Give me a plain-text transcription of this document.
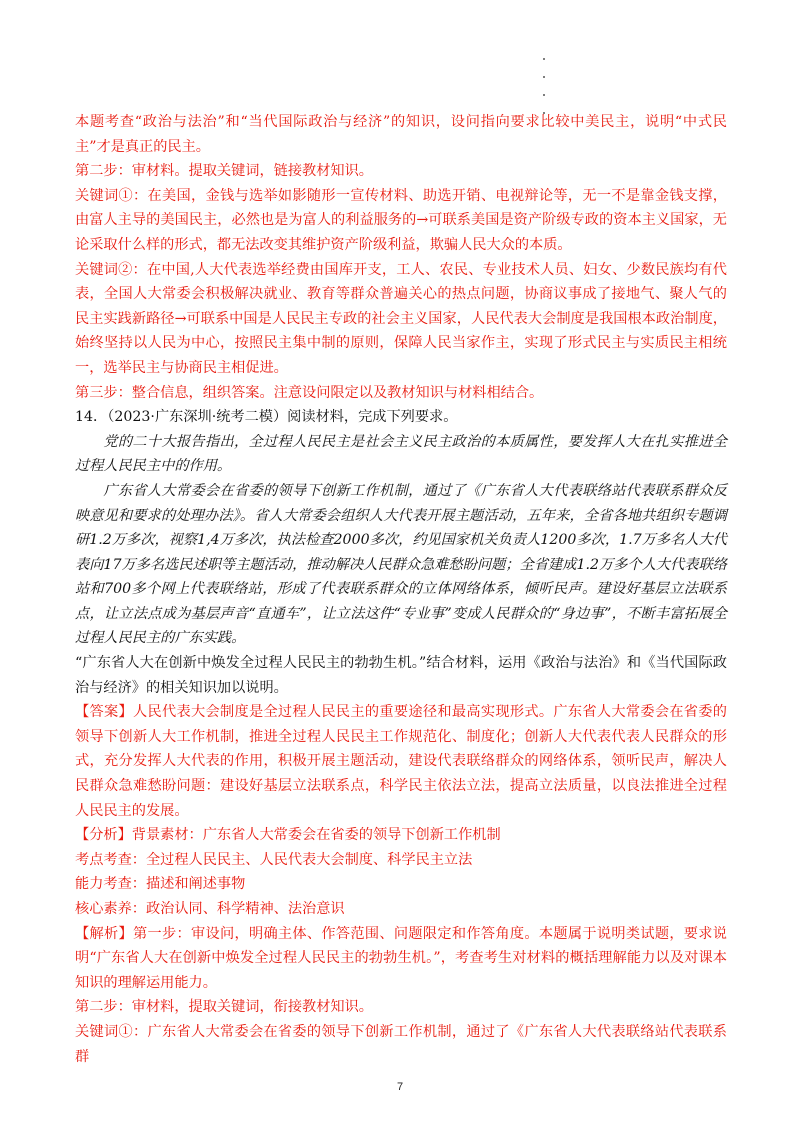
本题考查“政治与法治”和“当代国际政治与经济”的知识，设问指向要求比较中美民主，说明“中式民主”才是真正的民主。

第二步：审材料。提取关键词，链接教材知识。

关键词①：在美国，金钱与选举如影随形一宣传材料、助选开销、电视辩论等，无一不是靠金钱支撑，由富人主导的美国民主，必然也是为富人的利益服务的→可联系美国是资产阶级专政的资本主义国家，无论采取什么样的形式，都无法改变其维护资产阶级利益，欺骗人民大众的本质。

关键词②：在中国,人大代表选举经费由国库开支，工人、农民、专业技术人员、妇女、少数民族均有代表，全国人大常委会积极解决就业、教育等群众普遍关心的热点问题，协商议事成了接地气、聚人气的民主实践新路径→可联系中国是人民民主专政的社会主义国家，人民代表大会制度是我国根本政治制度，始终坚持以人民为中心，按照民主集中制的原则，保障人民当家作主，实现了形式民主与实质民主相统一，选举民主与协商民主相促进。

第三步：整合信息，组织答案。注意设问限定以及教材知识与材料相结合。

14．（2023·广东深圳·统考二模）阅读材料，完成下列要求。

党的二十大报告指出，全过程人民民主是社会主义民主政治的本质属性，要发挥人大在扎实推进全过程人民民主中的作用。

广东省人大常委会在省委的领导下创新工作机制，通过了《广东省人大代表联络站代表联系群众反映意见和要求的处理办法》。省人大常委会组织人大代表开展主题活动，五年来，全省各地共组织专题调研1.2万多次，视察1,4万多次，执法检查2000多次，约见国家机关负责人1200多次，1.7万多名人大代表向17万多名选民述职等主题活动，推动解决人民群众急难愁盼问题；全省建成1.2万多个人大代表联络站和700多个网上代表联络站，形成了代表联系群众的立体网络体系，倾听民声。建设好基层立法联系点，让立法点成为基层声音“直通车”，让立法这件“专业事”变成人民群众的“身边事”，不断丰富拓展全过程人民民主的广东实践。

“广东省人大在创新中焕发全过程人民民主的勃勃生机。”结合材料，运用《政治与法治》和《当代国际政治与经济》的相关知识加以说明。

【答案】人民代表大会制度是全过程人民民主的重要途径和最高实现形式。广东省人大常委会在省委的领导下创新人大工作机制，推进全过程人民民主工作规范化、制度化；创新人大代表代表人民群众的形式，充分发挥人大代表的作用，积极开展主题活动，建设代表联络群众的网络体系，领听民声，解决人民群众急难愁盼问题：建设好基层立法联系点，科学民主依法立法，提高立法质量，以良法推进全过程人民民主的发展。

【分析】背景素材：广东省人大常委会在省委的领导下创新工作机制

考点考查：全过程人民民主、人民代表大会制度、科学民主立法

能力考查：描述和阐述事物

核心素养：政治认同、科学精神、法治意识

【解析】第一步：审设问，明确主体、作答范围、问题限定和作答角度。本题属于说明类试题，要求说明“广东省人大在创新中焕发全过程人民民主的勃勃生机。”，考查考生对材料的概括理解能力以及对课本知识的理解运用能力。

第二步：审材料，提取关键词，衔接教材知识。

关键词①：广东省人大常委会在省委的领导下创新工作机制，通过了《广东省人大代表联络站代表联系群

7
